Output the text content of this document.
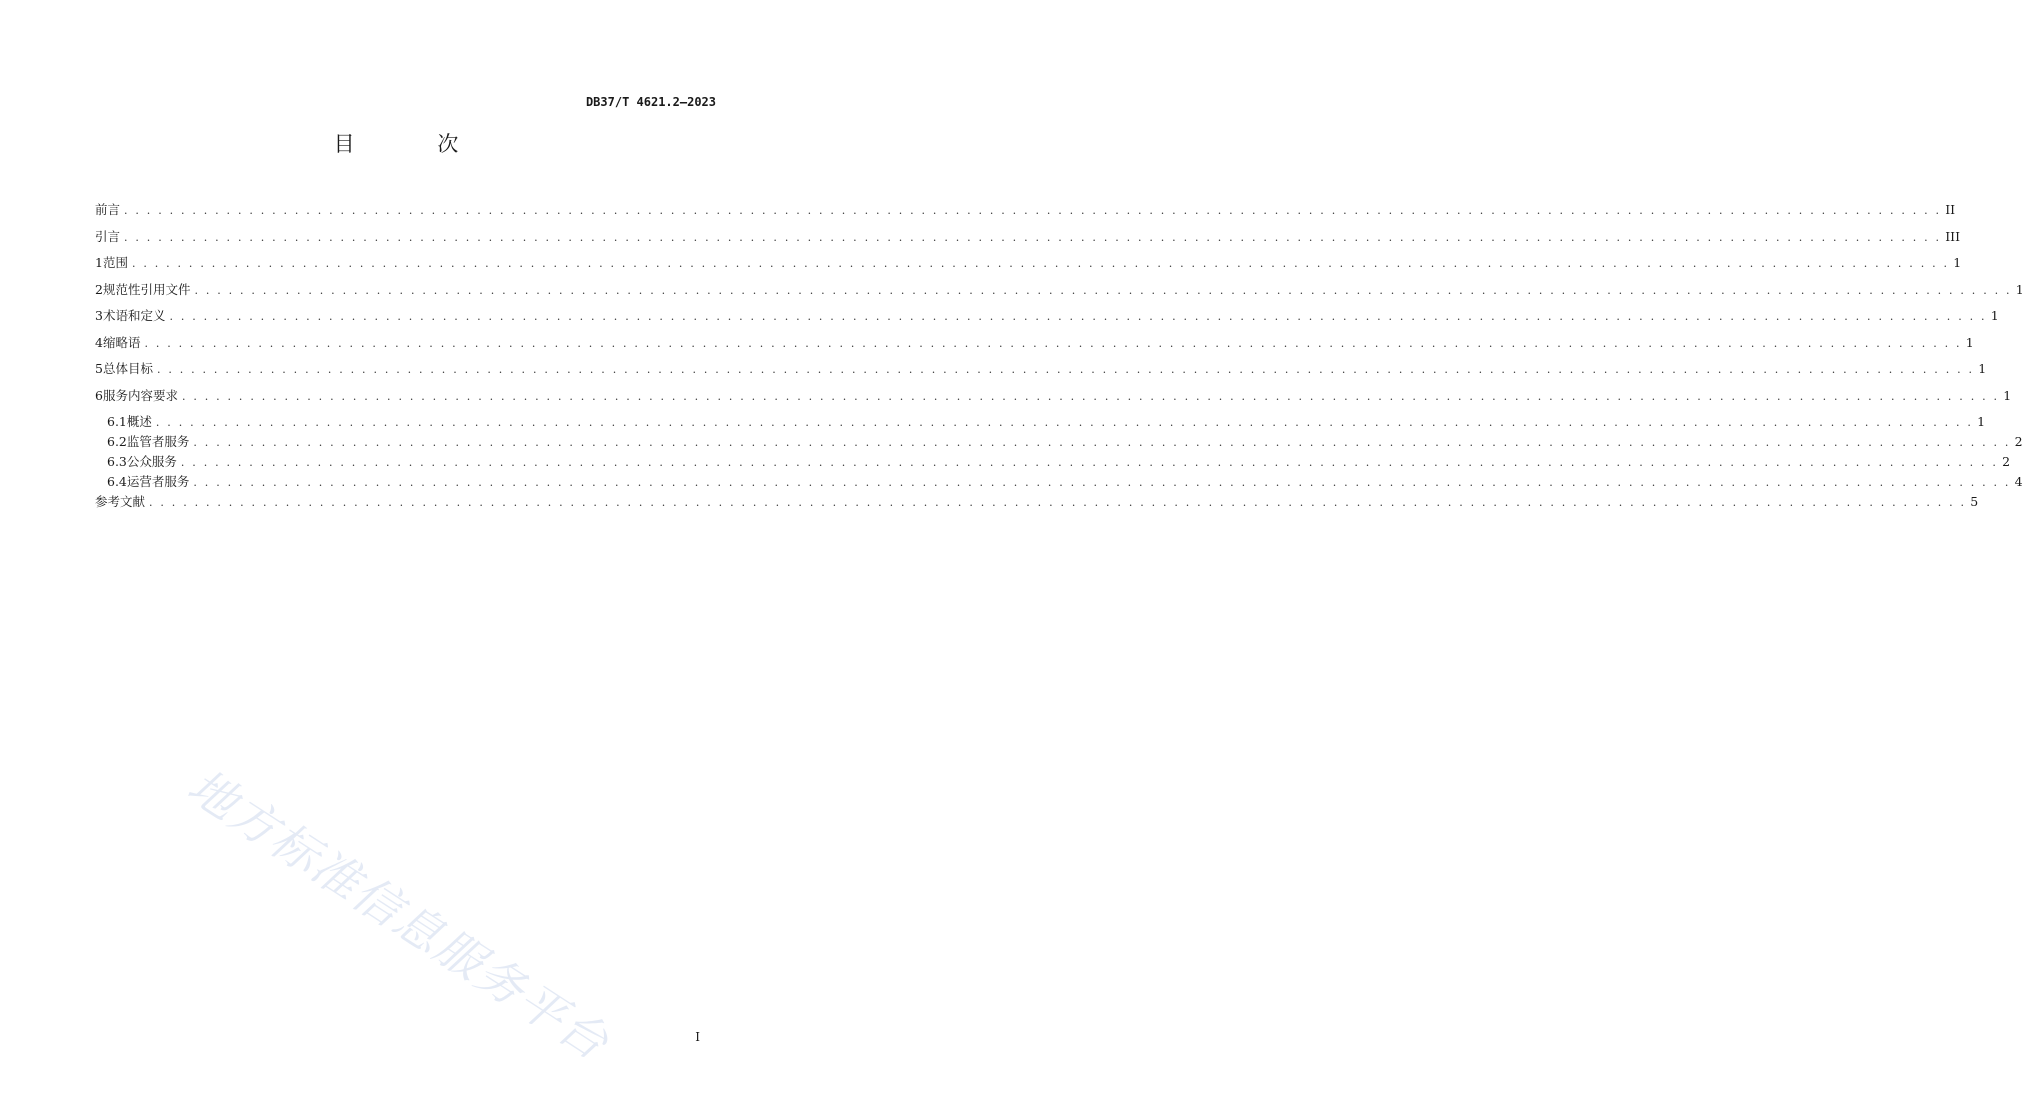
DB37/T 4621.2—2023
目 次
前言 . . . . . . . . . . . . . . . . . . . . . . . . . . . . . . . . . . . . . . . . . . . . . . . . . . . . . . . . . . . . . . . . . . . . . . . . . . . . . . . . . . . . . . . . . . . . . . . . . . . . . . . . . . . . . . . . . . . . . . . . . . . . . . . . . . . . . . . . . . . . . . . . . . . . . . . . . . . . . . . . II
引言 . . . . . . . . . . . . . . . . . . . . . . . . . . . . . . . . . . . . . . . . . . . . . . . . . . . . . . . . . . . . . . . . . . . . . . . . . . . . . . . . . . . . . . . . . . . . . . . . . . . . . . . . . . . . . . . . . . . . . . . . . . . . . . . . . . . . . . . . . . . . . . . . . . . . . . . . . . . . . . . . III
1 范围 . . . . . . . . . . . . . . . . . . . . . . . . . . . . . . . . . . . . . . . . . . . . . . . . . . . . . . . . . . . . . . . . . . . . . . . . . . . . . . . . . . . . . . . . . . . . . . . . . . . . . . . . . . . . . . . . . . . . . . . . . . . . . . . . . . . . . . . . . . . . . . . . . . . . . . . . . . . . . . . . 1
2 规范性引用文件 . . . . . . . . . . . . . . . . . . . . . . . . . . . . . . . . . . . . . . . . . . . . . . . . . . . . . . . . . . . . . . . . . . . . . . . . . . . . . . . . . . . . . . . . . . . . . . . . . . . . . . . . . . . . . . . . . . . . . . . . . . . . . . . . . . . . . . . . . . . . . . . . . . . . . . . . . . . . . . . . 1
3 术语和定义 . . . . . . . . . . . . . . . . . . . . . . . . . . . . . . . . . . . . . . . . . . . . . . . . . . . . . . . . . . . . . . . . . . . . . . . . . . . . . . . . . . . . . . . . . . . . . . . . . . . . . . . . . . . . . . . . . . . . . . . . . . . . . . . . . . . . . . . . . . . . . . . . . . . . . . . . . . . . . . . . 1
4 缩略语 . . . . . . . . . . . . . . . . . . . . . . . . . . . . . . . . . . . . . . . . . . . . . . . . . . . . . . . . . . . . . . . . . . . . . . . . . . . . . . . . . . . . . . . . . . . . . . . . . . . . . . . . . . . . . . . . . . . . . . . . . . . . . . . . . . . . . . . . . . . . . . . . . . . . . . . . . . . . . . . . 1
5 总体目标 . . . . . . . . . . . . . . . . . . . . . . . . . . . . . . . . . . . . . . . . . . . . . . . . . . . . . . . . . . . . . . . . . . . . . . . . . . . . . . . . . . . . . . . . . . . . . . . . . . . . . . . . . . . . . . . . . . . . . . . . . . . . . . . . . . . . . . . . . . . . . . . . . . . . . . . . . . . . . . . . 1
6 服务内容要求 . . . . . . . . . . . . . . . . . . . . . . . . . . . . . . . . . . . . . . . . . . . . . . . . . . . . . . . . . . . . . . . . . . . . . . . . . . . . . . . . . . . . . . . . . . . . . . . . . . . . . . . . . . . . . . . . . . . . . . . . . . . . . . . . . . . . . . . . . . . . . . . . . . . . . . . . . . . . . . . . 1
6.1 概述 . . . . . . . . . . . . . . . . . . . . . . . . . . . . . . . . . . . . . . . . . . . . . . . . . . . . . . . . . . . . . . . . . . . . . . . . . . . . . . . . . . . . . . . . . . . . . . . . . . . . . . . . . . . . . . . . . . . . . . . . . . . . . . . . . . . . . . . . . . . . . . . . . . . . . . . . . . . . . . . . 1
6.2 监管者服务 . . . . . . . . . . . . . . . . . . . . . . . . . . . . . . . . . . . . . . . . . . . . . . . . . . . . . . . . . . . . . . . . . . . . . . . . . . . . . . . . . . . . . . . . . . . . . . . . . . . . . . . . . . . . . . . . . . . . . . . . . . . . . . . . . . . . . . . . . . . . . . . . . . . . . . . . . . . . . . . . 2
6.3 公众服务 . . . . . . . . . . . . . . . . . . . . . . . . . . . . . . . . . . . . . . . . . . . . . . . . . . . . . . . . . . . . . . . . . . . . . . . . . . . . . . . . . . . . . . . . . . . . . . . . . . . . . . . . . . . . . . . . . . . . . . . . . . . . . . . . . . . . . . . . . . . . . . . . . . . . . . . . . . . . . . . . 2
6.4 运营者服务 . . . . . . . . . . . . . . . . . . . . . . . . . . . . . . . . . . . . . . . . . . . . . . . . . . . . . . . . . . . . . . . . . . . . . . . . . . . . . . . . . . . . . . . . . . . . . . . . . . . . . . . . . . . . . . . . . . . . . . . . . . . . . . . . . . . . . . . . . . . . . . . . . . . . . . . . . . . . . . . . 4
参考文献 . . . . . . . . . . . . . . . . . . . . . . . . . . . . . . . . . . . . . . . . . . . . . . . . . . . . . . . . . . . . . . . . . . . . . . . . . . . . . . . . . . . . . . . . . . . . . . . . . . . . . . . . . . . . . . . . . . . . . . . . . . . . . . . . . . . . . . . . . . . . . . . . . . . . . . . . . . . . . . . . 5
地方标准信息服务平台	I
